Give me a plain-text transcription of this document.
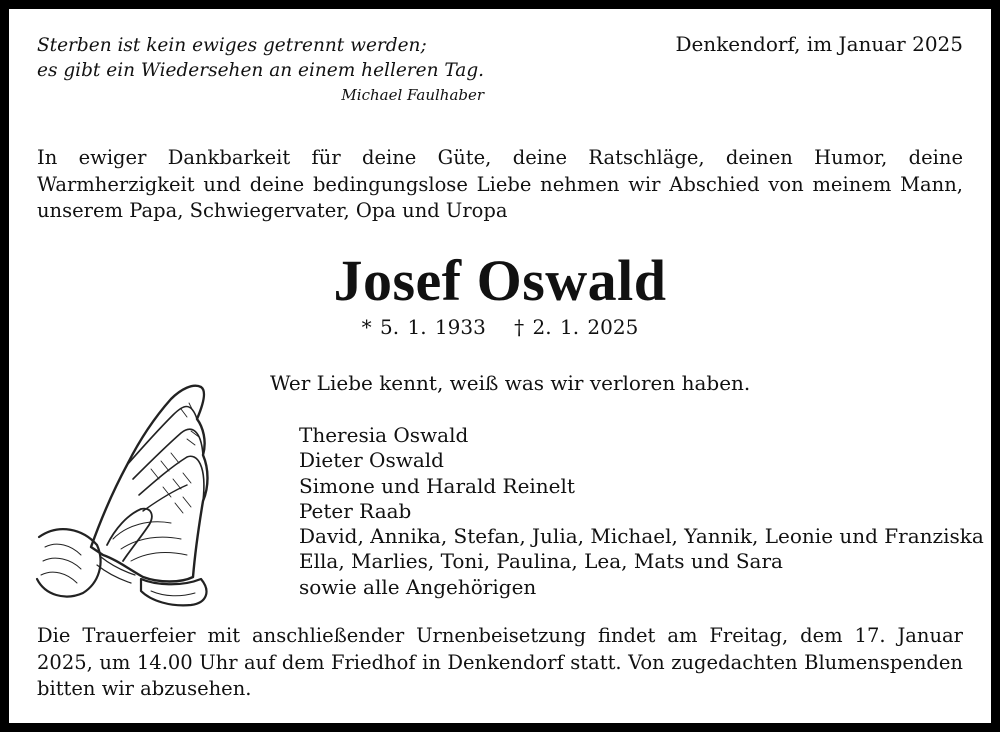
Sterben ist kein ewiges getrennt werden;
es gibt ein Wiedersehen an einem helleren Tag.
Michael Faulhaber
Denkendorf, im Januar 2025
In ewiger Dankbarkeit für deine Güte, deine Ratschläge, deinen Humor, deine Warmherzigkeit und deine bedingungslose Liebe nehmen wir Abschied von meinem Mann, unserem Papa, Schwiegervater, Opa und Uropa
Josef Oswald
* 5. 1. 1933 † 2. 1. 2025
Wer Liebe kennt, weiß was wir verloren haben.
Theresia Oswald
Dieter Oswald
Simone und Harald Reinelt
Peter Raab
David, Annika, Stefan, Julia, Michael, Yannik, Leonie und Franziska
Ella, Marlies, Toni, Paulina, Lea, Mats und Sara
sowie alle Angehörigen
Die Trauerfeier mit anschließender Urnenbeisetzung findet am Freitag, dem 17. Januar 2025, um 14.00 Uhr auf dem Friedhof in Denkendorf statt. Von zugedachten Blumenspenden bitten wir abzusehen.
